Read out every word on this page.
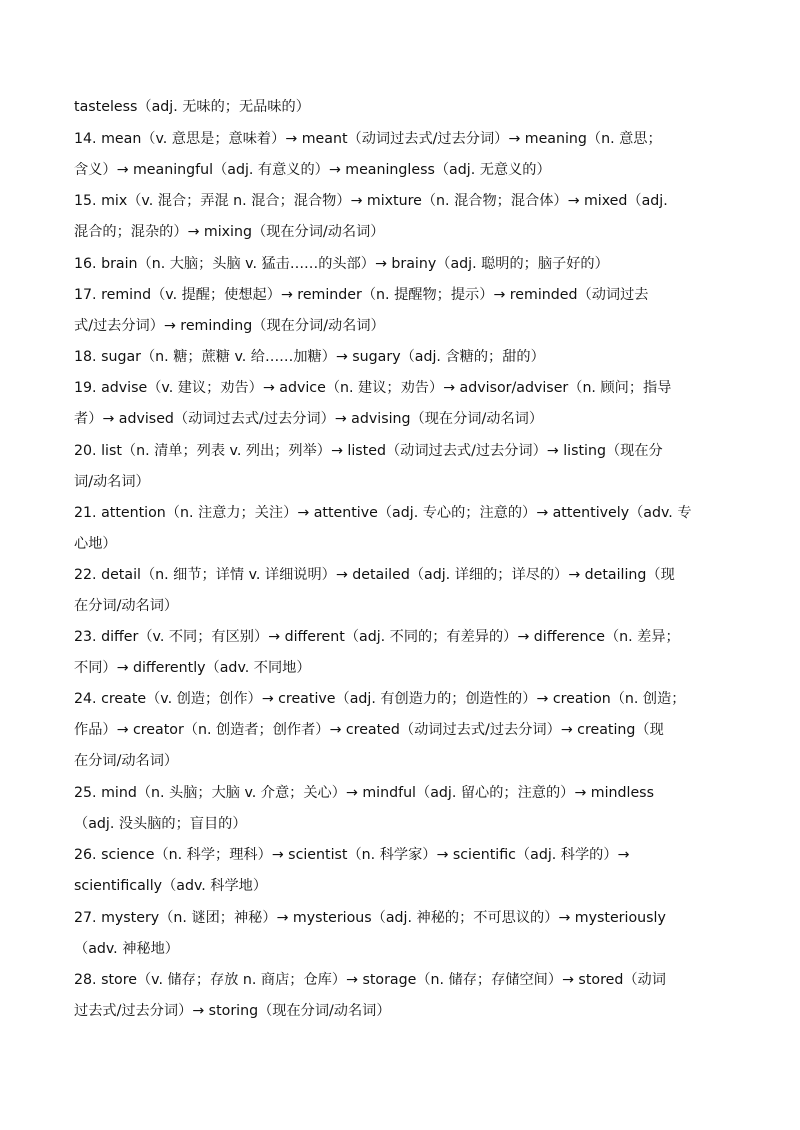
tasteless（adj. 无味的；无品味的）
14. mean（v. 意思是；意味着）→ meant（动词过去式/过去分词）→ meaning（n. 意思；
含义）→ meaningful（adj. 有意义的）→ meaningless（adj. 无意义的）
15. mix（v. 混合；弄混 n. 混合；混合物）→ mixture（n. 混合物；混合体）→ mixed（adj.
混合的；混杂的）→ mixing（现在分词/动名词）
16. brain（n. 大脑；头脑 v. 猛击……的头部）→ brainy（adj. 聪明的；脑子好的）
17. remind（v. 提醒；使想起）→ reminder（n. 提醒物；提示）→ reminded（动词过去
式/过去分词）→ reminding（现在分词/动名词）
18. sugar（n. 糖；蔗糖 v. 给……加糖）→ sugary（adj. 含糖的；甜的）
19. advise（v. 建议；劝告）→ advice（n. 建议；劝告）→ advisor/adviser（n. 顾问；指导
者）→ advised（动词过去式/过去分词）→ advising（现在分词/动名词）
20. list（n. 清单；列表 v. 列出；列举）→ listed（动词过去式/过去分词）→ listing（现在分
词/动名词）
21. attention（n. 注意力；关注）→ attentive（adj. 专心的；注意的）→ attentively（adv. 专
心地）
22. detail（n. 细节；详情 v. 详细说明）→ detailed（adj. 详细的；详尽的）→ detailing（现
在分词/动名词）
23. differ（v. 不同；有区别）→ different（adj. 不同的；有差异的）→ difference（n. 差异；
不同）→ differently（adv. 不同地）
24. create（v. 创造；创作）→ creative（adj. 有创造力的；创造性的）→ creation（n. 创造；
作品）→ creator（n. 创造者；创作者）→ created（动词过去式/过去分词）→ creating（现
在分词/动名词）
25. mind（n. 头脑；大脑 v. 介意；关心）→ mindful（adj. 留心的；注意的）→ mindless
（adj. 没头脑的；盲目的）
26. science（n. 科学；理科）→ scientist（n. 科学家）→ scientific（adj. 科学的）→
scientifically（adv. 科学地）
27. mystery（n. 谜团；神秘）→ mysterious（adj. 神秘的；不可思议的）→ mysteriously
（adv. 神秘地）
28. store（v. 储存；存放 n. 商店；仓库）→ storage（n. 储存；存储空间）→ stored（动词
过去式/过去分词）→ storing（现在分词/动名词）
